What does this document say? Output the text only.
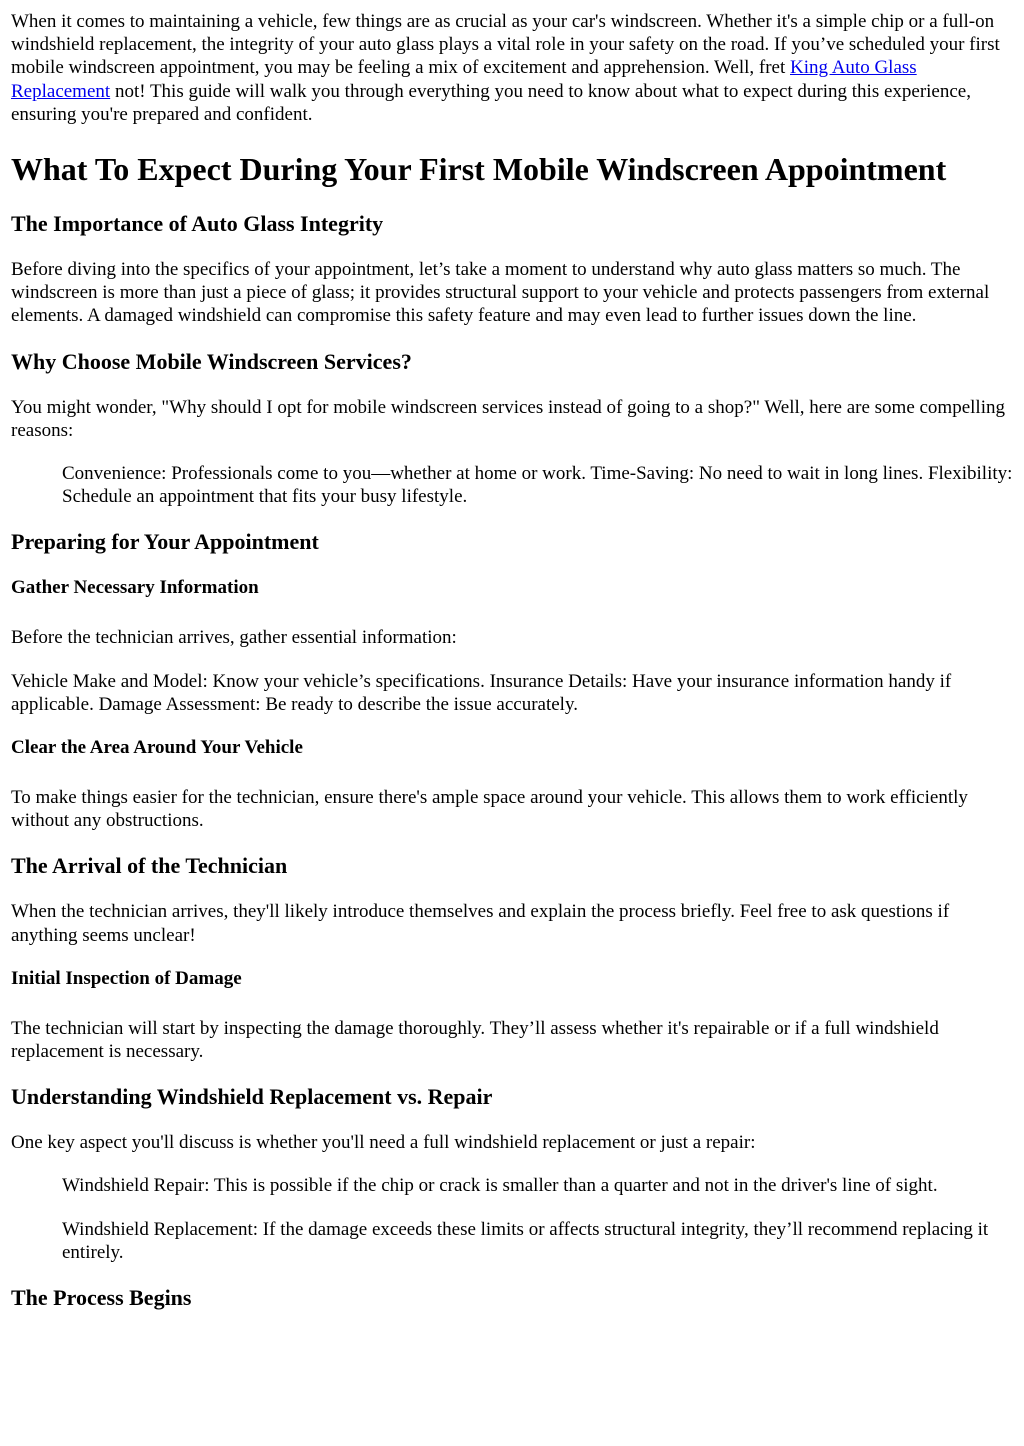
When it comes to maintaining a vehicle, few things are as crucial as your car's windscreen. Whether it's a simple chip or a full-on windshield replacement, the integrity of your auto glass plays a vital role in your safety on the road. If you’ve scheduled your first mobile windscreen appointment, you may be feeling a mix of excitement and apprehension. Well, fret King Auto Glass Replacement not! This guide will walk you through everything you need to know about what to expect during this experience, ensuring you're prepared and confident.

What To Expect During Your First Mobile Windscreen Appointment
The Importance of Auto Glass Integrity

Before diving into the specifics of your appointment, let’s take a moment to understand why auto glass matters so much. The windscreen is more than just a piece of glass; it provides structural support to your vehicle and protects passengers from external elements. A damaged windshield can compromise this safety feature and may even lead to further issues down the line.

Why Choose Mobile Windscreen Services?

You might wonder, "Why should I opt for mobile windscreen services instead of going to a shop?" Well, here are some compelling reasons:

Convenience: Professionals come to you—whether at home or work. Time-Saving: No need to wait in long lines. Flexibility: Schedule an appointment that fits your busy lifestyle.

Preparing for Your Appointment
Gather Necessary Information

Before the technician arrives, gather essential information:

Vehicle Make and Model: Know your vehicle’s specifications. Insurance Details: Have your insurance information handy if applicable. Damage Assessment: Be ready to describe the issue accurately.

Clear the Area Around Your Vehicle

To make things easier for the technician, ensure there's ample space around your vehicle. This allows them to work efficiently without any obstructions.

The Arrival of the Technician

When the technician arrives, they'll likely introduce themselves and explain the process briefly. Feel free to ask questions if anything seems unclear!

Initial Inspection of Damage

The technician will start by inspecting the damage thoroughly. They’ll assess whether it's repairable or if a full windshield replacement is necessary.

Understanding Windshield Replacement vs. Repair

One key aspect you'll discuss is whether you'll need a full windshield replacement or just a repair:

Windshield Repair: This is possible if the chip or crack is smaller than a quarter and not in the driver's line of sight.

Windshield Replacement: If the damage exceeds these limits or affects structural integrity, they’ll recommend replacing it entirely.

The Process Begins
